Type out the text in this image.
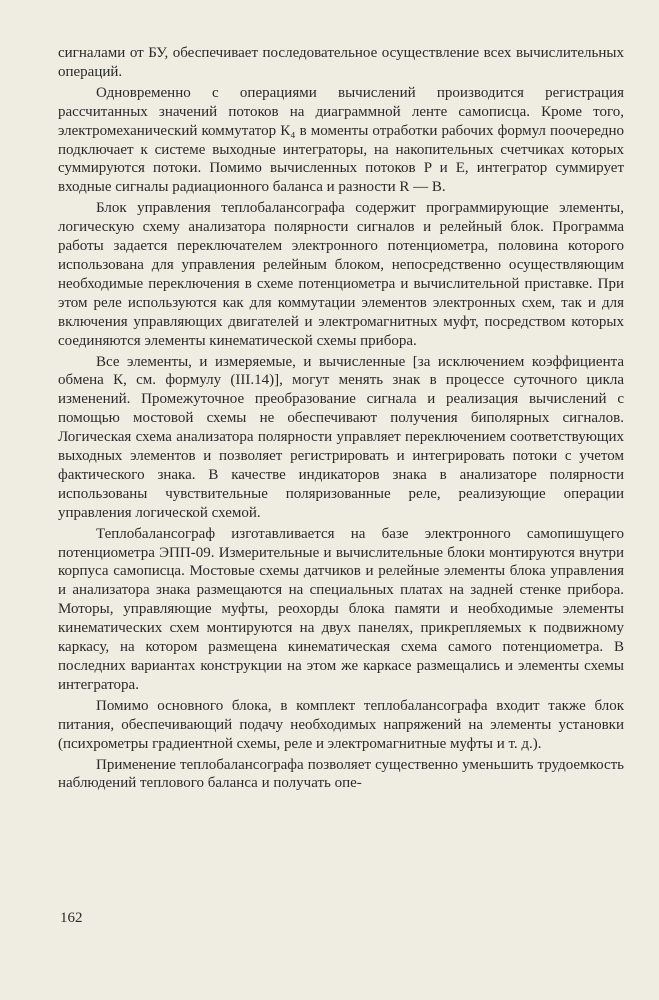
сигналами от БУ, обеспечивает последовательное осуществление всех вычислительных операций.

Одновременно с операциями вычислений производится регистрация рассчитанных значений потоков на диаграммной ленте самописца. Кроме того, электромеханический коммутатор К₄ в моменты отработки рабочих формул поочередно подключает к системе выходные интеграторы, на накопительных счетчиках которых суммируются потоки. Помимо вычисленных потоков P и E, интегратор суммирует входные сигналы радиационного баланса и разности R — B.

Блок управления теплобалансографа содержит программирующие элементы, логическую схему анализатора полярности сигналов и релейный блок. Программа работы задается переключателем электронного потенциометра, половина которого использована для управления релейным блоком, непосредственно осуществляющим необходимые переключения в схеме потенциометра и вычислительной приставке. При этом реле используются как для коммутации элементов электронных схем, так и для включения управляющих двигателей и электромагнитных муфт, посредством которых соединяются элементы кинематической схемы прибора.

Все элементы, и измеряемые, и вычисленные [за исключением коэффициента обмена К, см. формулу (III.14)], могут менять знак в процессе суточного цикла изменений. Промежуточное преобразование сигнала и реализация вычислений с помощью мостовой схемы не обеспечивают получения биполярных сигналов. Логическая схема анализатора полярности управляет переключением соответствующих выходных элементов и позволяет регистрировать и интегрировать потоки с учетом фактического знака. В качестве индикаторов знака в анализаторе полярности использованы чувствительные поляризованные реле, реализующие операции управления логической схемой.

Теплобалансограф изготавливается на базе электронного самопишущего потенциометра ЭПП-09. Измерительные и вычислительные блоки монтируются внутри корпуса самописца. Мостовые схемы датчиков и релейные элементы блока управления и анализатора знака размещаются на специальных платах на задней стенке прибора. Моторы, управляющие муфты, реохорды блока памяти и необходимые элементы кинематических схем монтируются на двух панелях, прикрепляемых к подвижному каркасу, на котором размещена кинематическая схема самого потенциометра. В последних вариантах конструкции на этом же каркасе размещались и элементы схемы интегратора.

Помимо основного блока, в комплект теплобалансографа входит также блок питания, обеспечивающий подачу необходимых напряжений на элементы установки (психрометры градиентной схемы, реле и электромагнитные муфты и т. д.).

Применение теплобалансографа позволяет существенно уменьшить трудоемкость наблюдений теплового баланса и получать опе-

162
